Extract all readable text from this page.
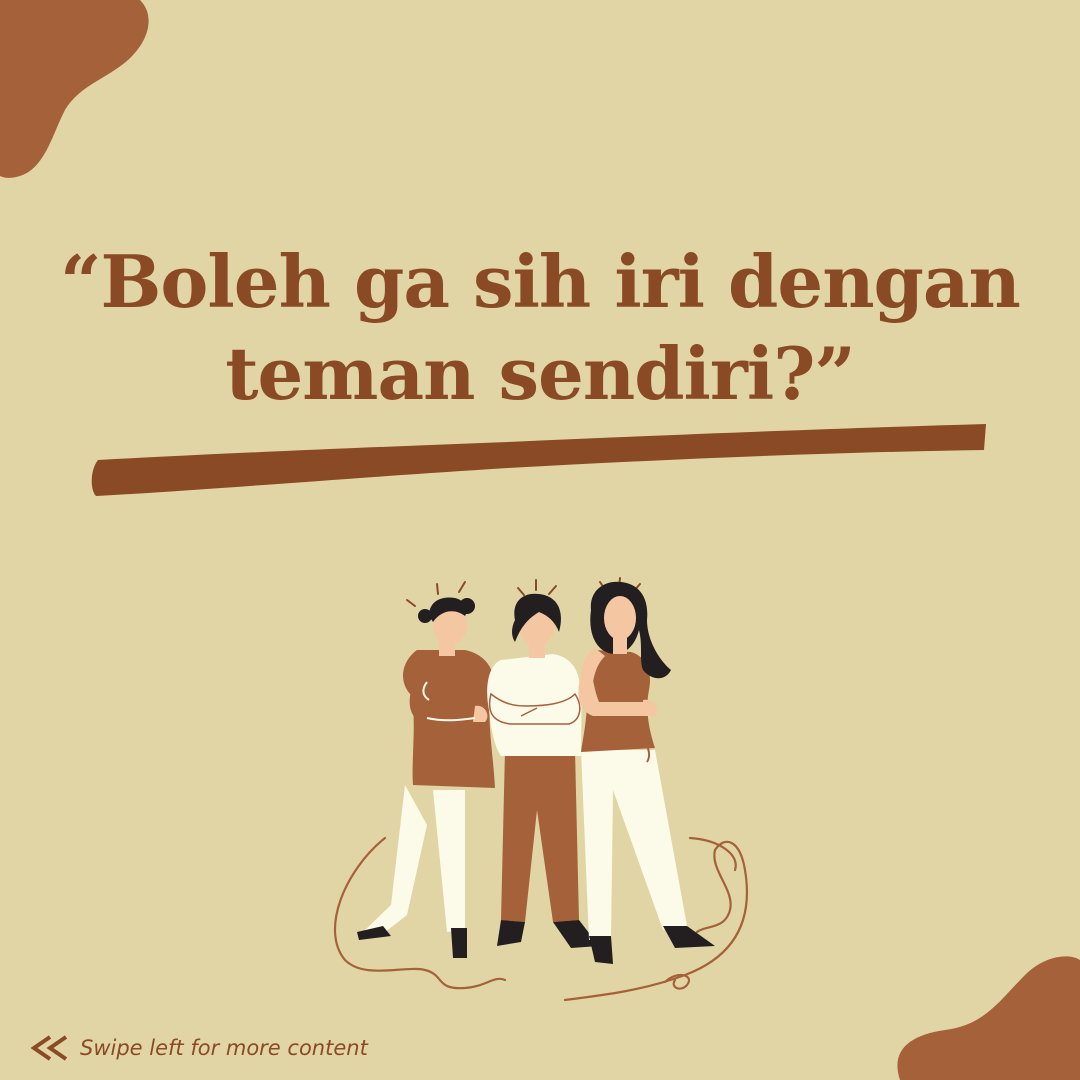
“Boleh ga sih iri dengan
teman sendiri?”
Swipe left for more content
